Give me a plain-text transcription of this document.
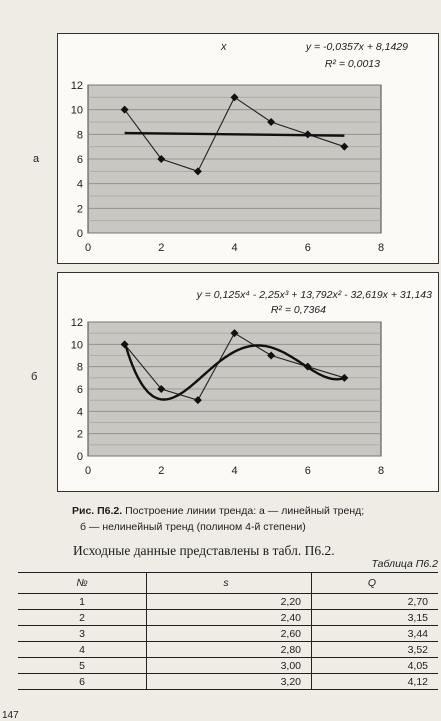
а
б
0
2
4
6
8
10
12
0	2	4	6	8
x	y = -0,0357x + 8,1429
R² = 0,0013
0
2
4
6
8
10
12
0	2	4	6	8
y = 0,125x⁴ - 2,25x³ + 13,792x² - 32,619x + 31,143
R² = 0,7364
Рис. П6.2. Построение линии тренда: а — линейный тренд;
б — нелинейный тренд (полином 4-й степени)
Исходные данные представлены в табл. П6.2.
Таблица П6.2
№	s	Q
1	2,20	2,70
2	2,40	3,15
3	2,60	3,44
4	2,80	3,52
5	3,00	4,05
6	3,20	4,12
147
